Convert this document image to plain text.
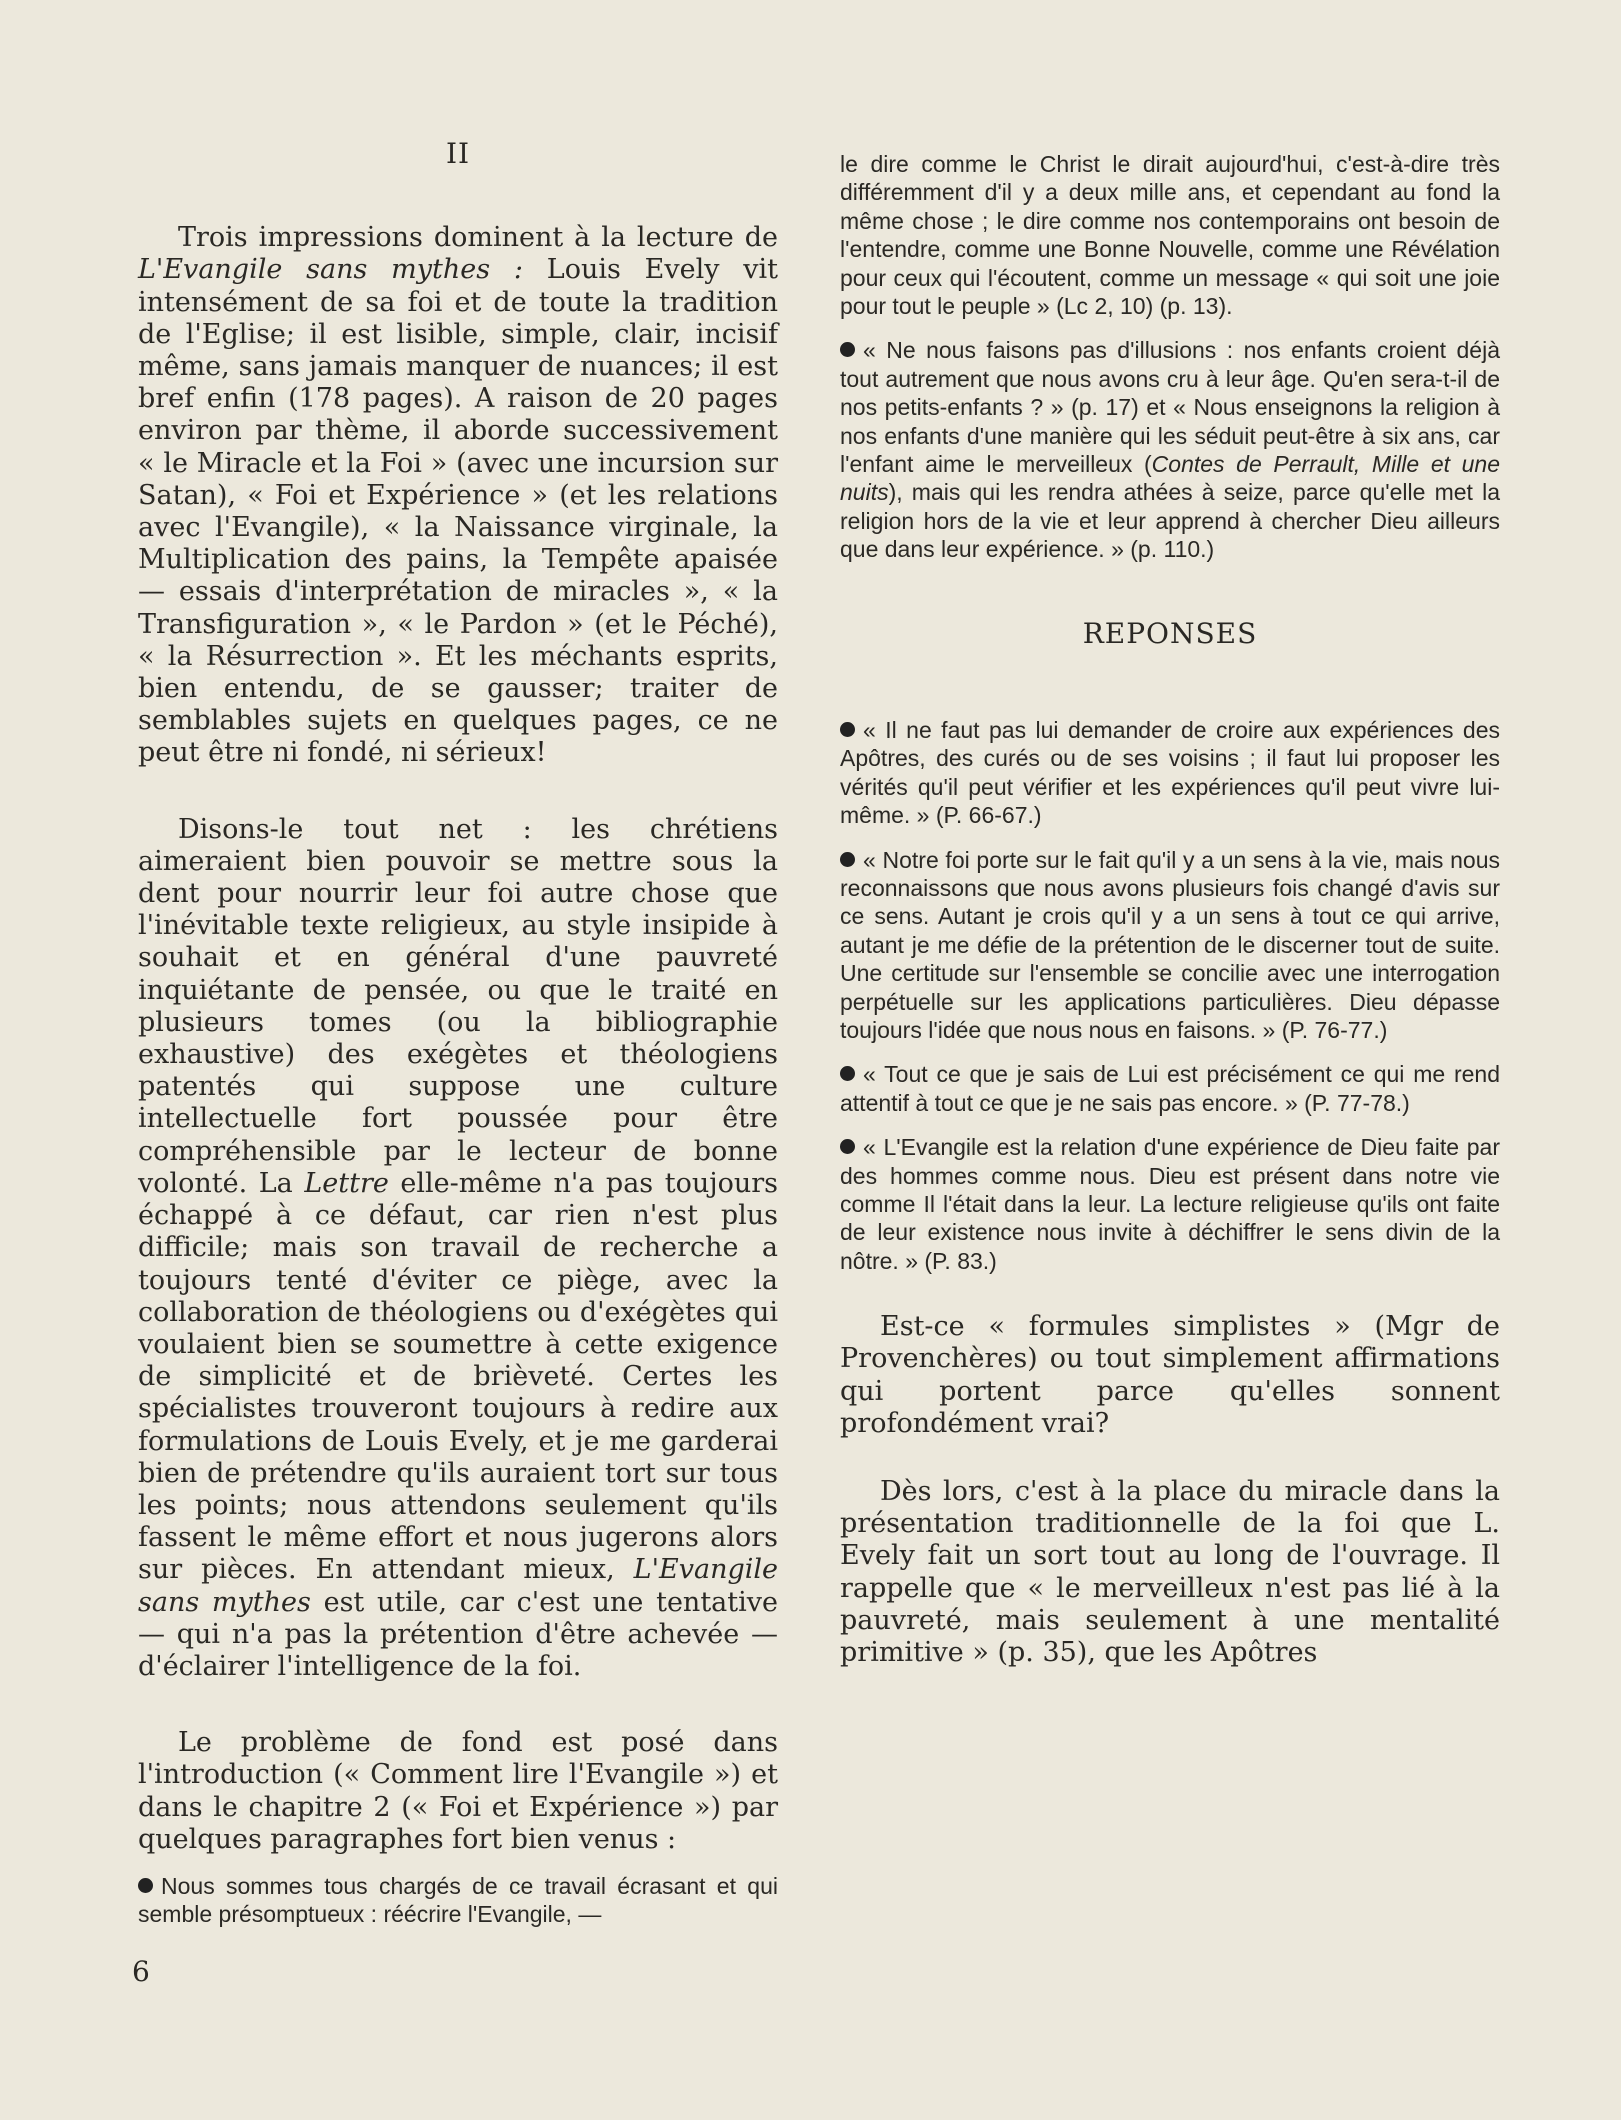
II

Trois impressions dominent à la lecture de L'Evangile sans mythes : Louis Evely vit intensément de sa foi et de toute la tradition de l'Eglise; il est lisible, simple, clair, incisif même, sans jamais manquer de nuances; il est bref enfin (178 pages). A raison de 20 pages environ par thème, il aborde successivement « le Miracle et la Foi » (avec une incursion sur Satan), « Foi et Expérience » (et les relations avec l'Evangile), « la Naissance virginale, la Multiplication des pains, la Tempête apaisée — essais d'interprétation de miracles », « la Transfiguration », « le Pardon » (et le Péché), « la Résurrection ». Et les méchants esprits, bien entendu, de se gausser; traiter de semblables sujets en quelques pages, ce ne peut être ni fondé, ni sérieux!

Disons-le tout net : les chrétiens aimeraient bien pouvoir se mettre sous la dent pour nourrir leur foi autre chose que l'inévitable texte religieux, au style insipide à souhait et en général d'une pauvreté inquiétante de pensée, ou que le traité en plusieurs tomes (ou la bibliographie exhaustive) des exégètes et théologiens patentés qui suppose une culture intellectuelle fort poussée pour être compréhensible par le lecteur de bonne volonté. La Lettre elle-même n'a pas toujours échappé à ce défaut, car rien n'est plus difficile; mais son travail de recherche a toujours tenté d'éviter ce piège, avec la collaboration de théologiens ou d'exégètes qui voulaient bien se soumettre à cette exigence de simplicité et de brièveté. Certes les spécialistes trouveront toujours à redire aux formulations de Louis Evely, et je me garderai bien de prétendre qu'ils auraient tort sur tous les points; nous attendons seulement qu'ils fassent le même effort et nous jugerons alors sur pièces. En attendant mieux, L'Evangile sans mythes est utile, car c'est une tentative — qui n'a pas la prétention d'être achevée — d'éclairer l'intelligence de la foi.

Le problème de fond est posé dans l'introduction (« Comment lire l'Evangile ») et dans le chapitre 2 (« Foi et Expérience ») par quelques paragraphes fort bien venus :

Nous sommes tous chargés de ce travail écrasant et qui semble présomptueux : réécrire l'Evangile, —

le dire comme le Christ le dirait aujourd'hui, c'est-à-dire très différemment d'il y a deux mille ans, et cependant au fond la même chose ; le dire comme nos contemporains ont besoin de l'entendre, comme une Bonne Nouvelle, comme une Révélation pour ceux qui l'écoutent, comme un message « qui soit une joie pour tout le peuple » (Lc 2, 10) (p. 13).

« Ne nous faisons pas d'illusions : nos enfants croient déjà tout autrement que nous avons cru à leur âge. Qu'en sera-t-il de nos petits-enfants ? » (p. 17) et « Nous enseignons la religion à nos enfants d'une manière qui les séduit peut-être à six ans, car l'enfant aime le merveilleux (Contes de Perrault, Mille et une nuits), mais qui les rendra athées à seize, parce qu'elle met la religion hors de la vie et leur apprend à chercher Dieu ailleurs que dans leur expérience. » (p. 110.)

REPONSES

« Il ne faut pas lui demander de croire aux expériences des Apôtres, des curés ou de ses voisins ; il faut lui proposer les vérités qu'il peut vérifier et les expériences qu'il peut vivre lui-même. » (P. 66-67.)

« Notre foi porte sur le fait qu'il y a un sens à la vie, mais nous reconnaissons que nous avons plusieurs fois changé d'avis sur ce sens. Autant je crois qu'il y a un sens à tout ce qui arrive, autant je me défie de la prétention de le discerner tout de suite. Une certitude sur l'ensemble se concilie avec une interrogation perpétuelle sur les applications particulières. Dieu dépasse toujours l'idée que nous nous en faisons. » (P. 76-77.)

« Tout ce que je sais de Lui est précisément ce qui me rend attentif à tout ce que je ne sais pas encore. » (P. 77-78.)

« L'Evangile est la relation d'une expérience de Dieu faite par des hommes comme nous. Dieu est présent dans notre vie comme Il l'était dans la leur. La lecture religieuse qu'ils ont faite de leur existence nous invite à déchiffrer le sens divin de la nôtre. » (P. 83.)

Est-ce « formules simplistes » (Mgr de Provenchères) ou tout simplement affirmations qui portent parce qu'elles sonnent profondément vrai?

Dès lors, c'est à la place du miracle dans la présentation traditionnelle de la foi que L. Evely fait un sort tout au long de l'ouvrage. Il rappelle que « le merveilleux n'est pas lié à la pauvreté, mais seulement à une mentalité primitive » (p. 35), que les Apôtres

6
